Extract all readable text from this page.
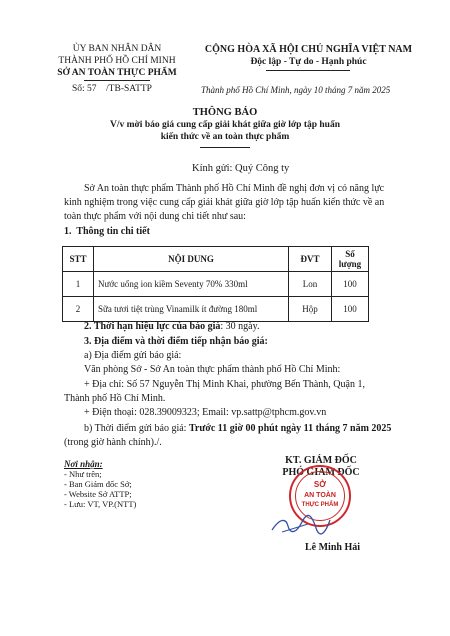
ỦY BAN NHÂN DÂN
THÀNH PHỐ HỒ CHÍ MINH
SỞ AN TOÀN THỰC PHẨM
CỘNG HÒA XÃ HỘI CHỦ NGHĨA VIỆT NAM
Độc lập - Tự do - Hạnh phúc
Số: 57    /TB-SATTP	Thành phố Hồ Chí Minh, ngày 10 tháng 7 năm 2025
THÔNG BÁO
V/v mời báo giá cung cấp giải khát giữa giờ lớp tập huấn
kiến thức về an toàn thực phẩm
Kính gửi: Quý Công ty
Sở An toàn thực phẩm Thành phố Hồ Chí Minh đề nghị đơn vị có năng lực
kinh nghiệm trong việc cung cấp giải khát giữa giờ lớp tập huấn kiến thức về an
toàn thực phẩm với nội dung chi tiết như sau:
1.  Thông tin chi tiết
STT	NỘI DUNG	ĐVT	Số
lượng

1	Nước uống ion kiềm Seventy 70% 330ml	Lon	100
2	Sữa tươi tiệt trùng Vinamilk ít đường 180ml	Hộp	100
2. Thời hạn hiệu lực của báo giá: 30 ngày.
3. Địa điểm và thời điểm tiếp nhận báo giá:
a) Địa điểm gửi báo giá:
Văn phòng Sở - Sở An toàn thực phẩm thành phố Hồ Chí Minh:
+ Địa chỉ: Số 57 Nguyễn Thị Minh Khai, phường Bến Thành, Quận 1,
Thành phố Hồ Chí Minh.
+ Điện thoại: 028.39009323; Email: vp.sattp@tphcm.gov.vn
b) Thời điểm gửi báo giá: Trước 11 giờ 00 phút ngày 11 tháng 7 năm 2025
(trong giờ hành chính)./.
Nơi nhận:
- Như trên;
- Ban Giám đốc Sở;
- Website Sở ATTP;
- Lưu: VT, VP.(NTT)
KT. GIÁM ĐỐC
PHÓ GIÁM ĐỐC
SỞ
AN TOÀN
THỰC PHẨM
Lê Minh Hải
